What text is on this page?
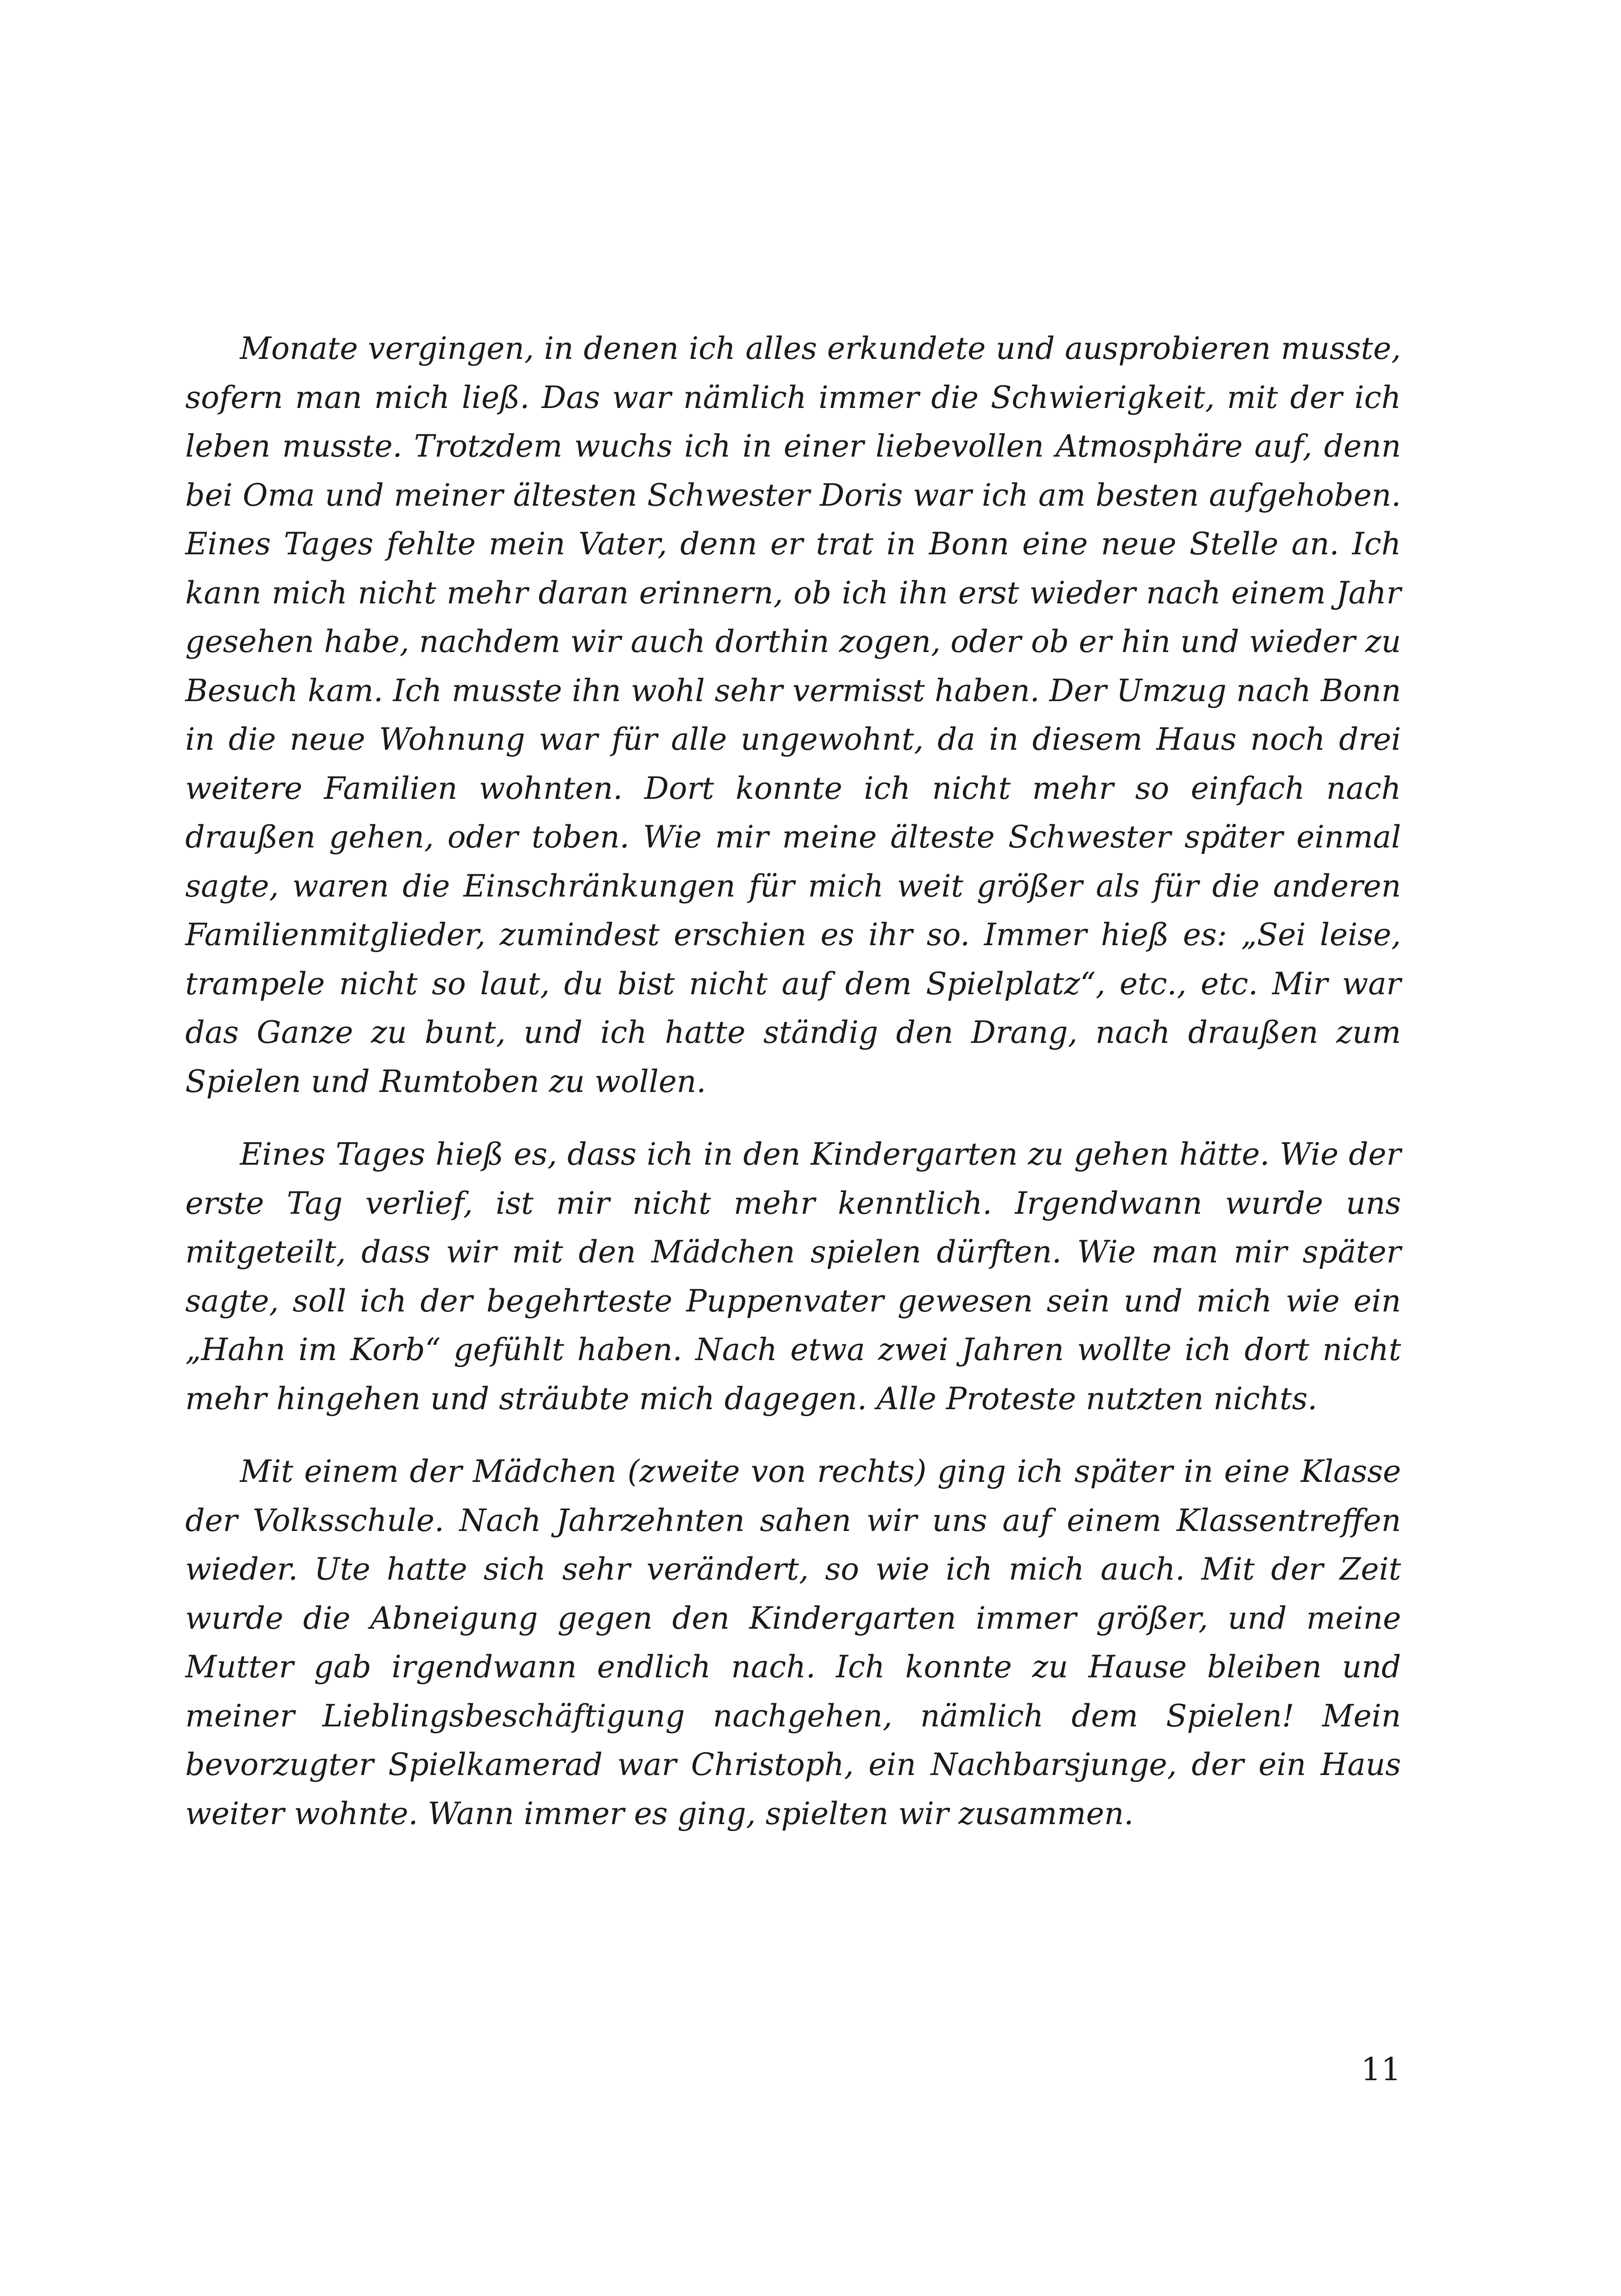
Monate vergingen, in denen ich alles erkundete und ausprobieren musste, sofern man mich ließ. Das war nämlich immer die Schwierigkeit, mit der ich leben musste. Trotzdem wuchs ich in einer liebevollen Atmosphäre auf, denn bei Oma und meiner ältesten Schwester Doris war ich am besten aufgehoben. Eines Tages fehlte mein Vater, denn er trat in Bonn eine neue Stelle an. Ich kann mich nicht mehr daran erinnern, ob ich ihn erst wieder nach einem Jahr gesehen habe, nachdem wir auch dorthin zogen, oder ob er hin und wieder zu Besuch kam. Ich musste ihn wohl sehr vermisst haben. Der Umzug nach Bonn in die neue Wohnung war für alle ungewohnt, da in diesem Haus noch drei weitere Familien wohnten. Dort konnte ich nicht mehr so einfach nach draußen gehen, oder toben. Wie mir meine älteste Schwester später einmal sagte, waren die Einschränkungen für mich weit größer als für die anderen Familienmitglieder, zumindest erschien es ihr so. Immer hieß es: „Sei leise, trampele nicht so laut, du bist nicht auf dem Spielplatz“, etc., etc. Mir war das Ganze zu bunt, und ich hatte ständig den Drang, nach draußen zum Spielen und Rumtoben zu wollen.

Eines Tages hieß es, dass ich in den Kindergarten zu gehen hätte. Wie der erste Tag verlief, ist mir nicht mehr kenntlich. Irgendwann wurde uns mitgeteilt, dass wir mit den Mädchen spielen dürften. Wie man mir später sagte, soll ich der begehrteste Puppenvater gewesen sein und mich wie ein „Hahn im Korb“ gefühlt haben. Nach etwa zwei Jahren wollte ich dort nicht mehr hingehen und sträubte mich dagegen. Alle Proteste nutzten nichts.

Mit einem der Mädchen (zweite von rechts) ging ich später in eine Klasse der Volksschule. Nach Jahrzehnten sahen wir uns auf einem Klassentreffen wieder. Ute hatte sich sehr verändert, so wie ich mich auch. Mit der Zeit wurde die Abneigung gegen den Kindergarten immer größer, und meine Mutter gab irgendwann endlich nach. Ich konnte zu Hause bleiben und meiner Lieblingsbeschäftigung nachgehen, nämlich dem Spielen! Mein bevorzugter Spielkamerad war Christoph, ein Nachbarsjunge, der ein Haus weiter wohnte. Wann immer es ging, spielten wir zusammen.

11
